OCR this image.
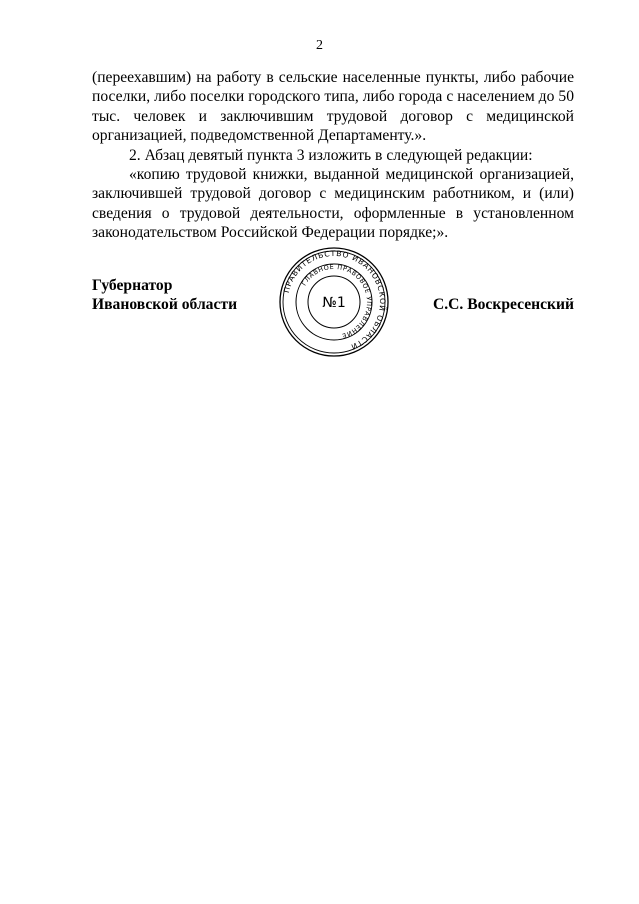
2

(переехавшим) на работу в сельские населенные пункты, либо рабочие поселки, либо поселки городского типа, либо города с населением до 50 тыс. человек и заключившим трудовой договор с медицинской организацией, подведомственной Департаменту.».

2. Абзац девятый пункта 3 изложить в следующей редакции:

«копию трудовой книжки, выданной медицинской организацией, заключившей трудовой договор с медицинским работником, и (или) сведения о трудовой деятельности, оформленные в установленном законодательством Российской Федерации порядке;».

Губернатор
Ивановской области	С.С. Воскресенский
ПРАВИТЕЛЬСТВО ИВАНОВСКОЙ ОБЛАСТИ
ГЛАВНОЕ ПРАВОВОЕ УПРАВЛЕНИЕ
№1
